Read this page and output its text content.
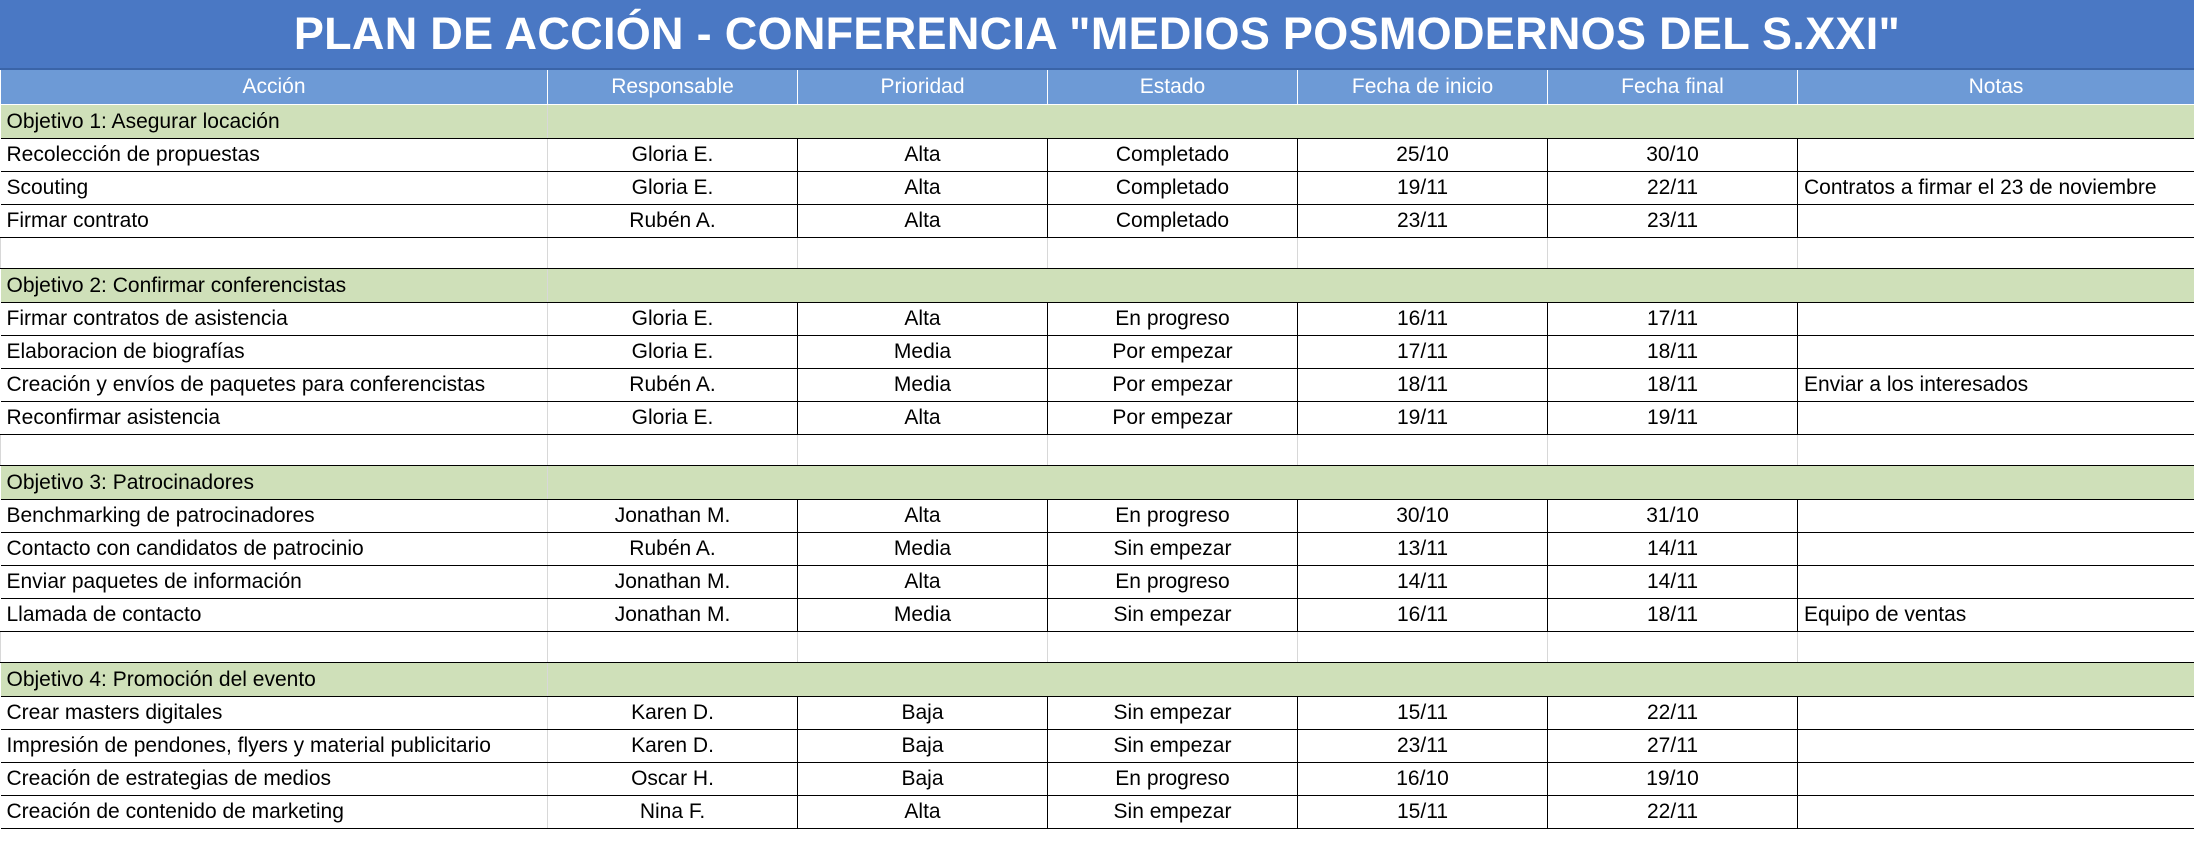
PLAN DE ACCIÓN - CONFERENCIA "MEDIOS POSMODERNOS DEL S.XXI"
Acción	Responsable	Prioridad	Estado	Fecha de inicio	Fecha final	Notas
Objetivo 1: Asegurar locación						
Recolección de propuestas	Gloria E.	Alta	Completado	25/10	30/10	
Scouting	Gloria E.	Alta	Completado	19/11	22/11	Contratos a firmar el 23 de noviembre
Firmar contrato	Rubén A.	Alta	Completado	23/11	23/11	

Objetivo 2: Confirmar conferencistas						
Firmar contratos de asistencia	Gloria E.	Alta	En progreso	16/11	17/11	
Elaboracion de biografías	Gloria E.	Media	Por empezar	17/11	18/11	
Creación y envíos de paquetes para conferencistas	Rubén A.	Media	Por empezar	18/11	18/11	Enviar a los interesados
Reconfirmar asistencia	Gloria E.	Alta	Por empezar	19/11	19/11	

Objetivo 3: Patrocinadores						
Benchmarking de patrocinadores	Jonathan M.	Alta	En progreso	30/10	31/10	
Contacto con candidatos de patrocinio	Rubén A.	Media	Sin empezar	13/11	14/11	
Enviar paquetes de información	Jonathan M.	Alta	En progreso	14/11	14/11	
Llamada de contacto	Jonathan M.	Media	Sin empezar	16/11	18/11	Equipo de ventas

Objetivo 4: Promoción del evento						
Crear masters digitales	Karen D.	Baja	Sin empezar	15/11	22/11	
Impresión de pendones, flyers y material publicitario	Karen D.	Baja	Sin empezar	23/11	27/11	
Creación de estrategias de medios	Oscar H.	Baja	En progreso	16/10	19/10	
Creación de contenido de marketing	Nina F.	Alta	Sin empezar	15/11	22/11	
